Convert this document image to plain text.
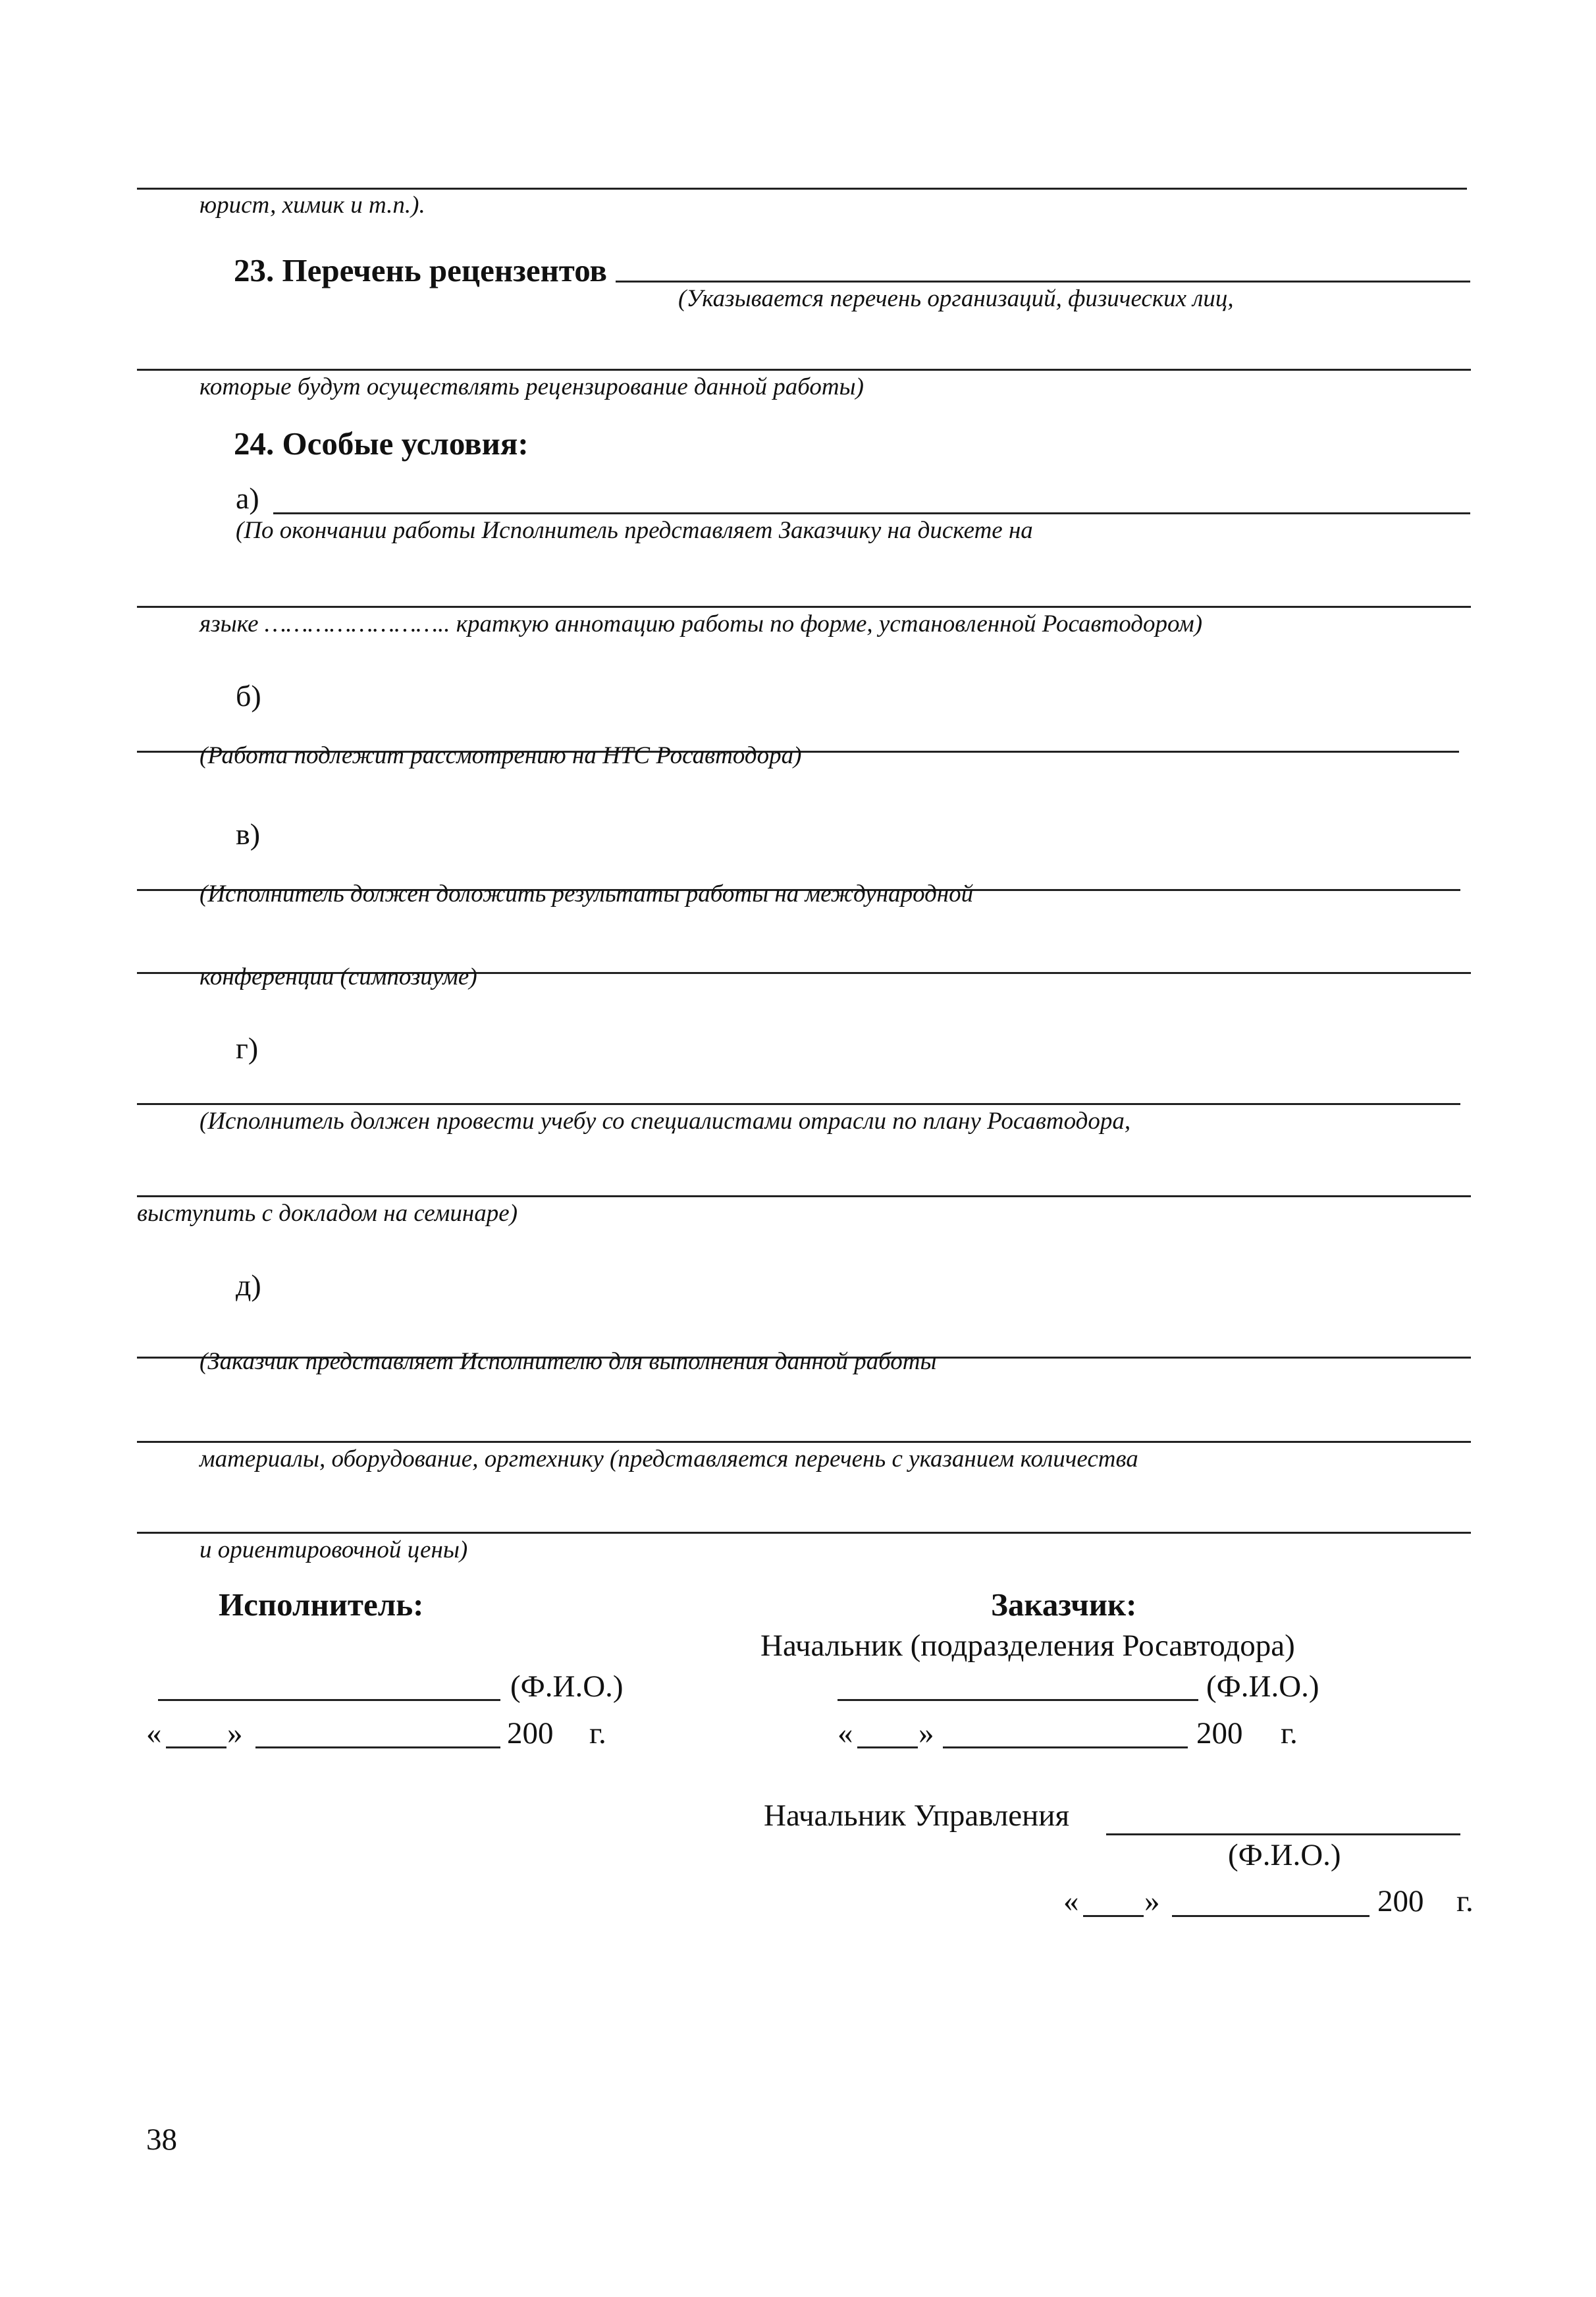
юрист, химик и т.п.).
23. Перечень рецензентов
(Указывается перечень организаций, физических лиц,
которые будут осуществлять рецензирование данной работы)
24. Особые условия:
а)
(По окончании работы Исполнитель представляет Заказчику на дискете на
языке …………………….. краткую аннотацию работы по форме, установленной Росавтодором)
б)
(Работа подлежит рассмотрению на НТС Росавтодора)
в)
(Исполнитель должен доложить результаты работы на международной
конференции (симпозиуме)
г)
(Исполнитель должен провести учебу со специалистами отрасли по плану Росавтодора,
выступить с докладом на семинаре)
д)
(Заказчик представляет Исполнителю для выполнения данной работы
материалы, оборудование, оргтехнику (представляется перечень с указанием количества
и ориентировочной цены)
Исполнитель:
(Ф.И.О.)
« »	200 г.
Заказчик:
Начальник (подразделения Росавтодора)
(Ф.И.О.)
« »	200 г.
Начальник Управления
(Ф.И.О.)
« »	200 г.
38
